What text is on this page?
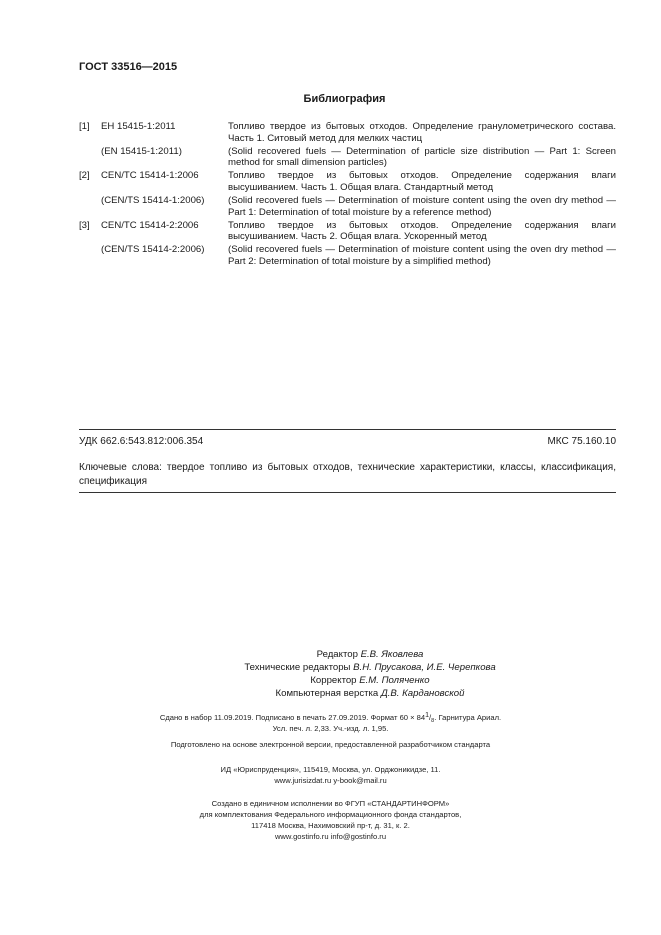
ГОСТ 33516—2015
Библиография
[1]	ЕН 15415-1:2011	Топливо твердое из бытовых отходов. Определение гранулометрического состава. Часть 1. Ситовый метод для мелких частиц
(EN 15415-1:2011)	(Solid recovered fuels — Determination of particle size distribution — Part 1: Screen method for small dimension particles)
[2]	CEN/TC 15414-1:2006	Топливо твердое из бытовых отходов. Определение содержания влаги высушиванием. Часть 1. Общая влага. Стандартный метод
(CEN/TS 15414-1:2006)	(Solid recovered fuels — Determination of moisture content using the oven dry method — Part 1: Determination of total moisture by a reference method)
[3]	CEN/TC 15414-2:2006	Топливо твердое из бытовых отходов. Определение содержания влаги высушиванием. Часть 2. Общая влага. Ускоренный метод
(CEN/TS 15414-2:2006)	(Solid recovered fuels — Determination of moisture content using the oven dry method — Part 2: Determination of total moisture by a simplified method)
УДК 662.6:543.812:006.354	МКС 75.160.10
Ключевые слова: твердое топливо из бытовых отходов, технические характеристики, классы, классификация, спецификация
Редактор Е.В. Яковлева
Технические редакторы В.Н. Прусакова, И.Е. Черепкова
Корректор Е.М. Поляченко
Компьютерная верстка Д.В. Кардановской
Сдано в набор 11.09.2019. Подписано в печать 27.09.2019. Формат $60 \times 841/_8$. Гарнитура Ариал.
Усл. печ. л. 2,33. Уч.-изд. л. 1,95.
Подготовлено на основе электронной версии, предоставленной разработчиком стандарта
ИД «Юриспруденция», 115419, Москва, ул. Орджоникидзе, 11.
www.jurisizdat.ru y-book@mail.ru
Создано в единичном исполнении во ФГУП «СТАНДАРТИНФОРМ»
для комплектования Федерального информационного фонда стандартов,
117418 Москва, Нахимовский пр-т, д. 31, к. 2.
www.gostinfo.ru info@gostinfo.ru
